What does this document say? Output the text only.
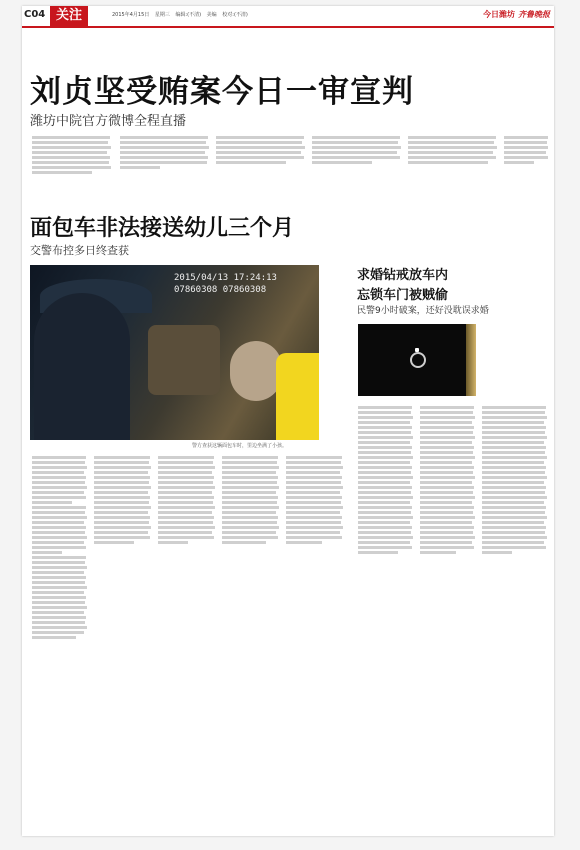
C04 关注	2015年4月15日 星期三 编辑:(不清) 美编 校对:(不清)	今日潍坊 齐鲁晚报
刘贞坚受贿案今日一审宣判
潍坊中院官方微博全程直播
面包车非法接送幼儿三个月
交警布控多日终查获
2015/04/13 17:24:13
07860308 07860308
警方查获这辆面包车时，里边坐满了小孩。
求婚钻戒放车内
忘锁车门被贼偷
民警9小时破案，还好没耽误求婚
